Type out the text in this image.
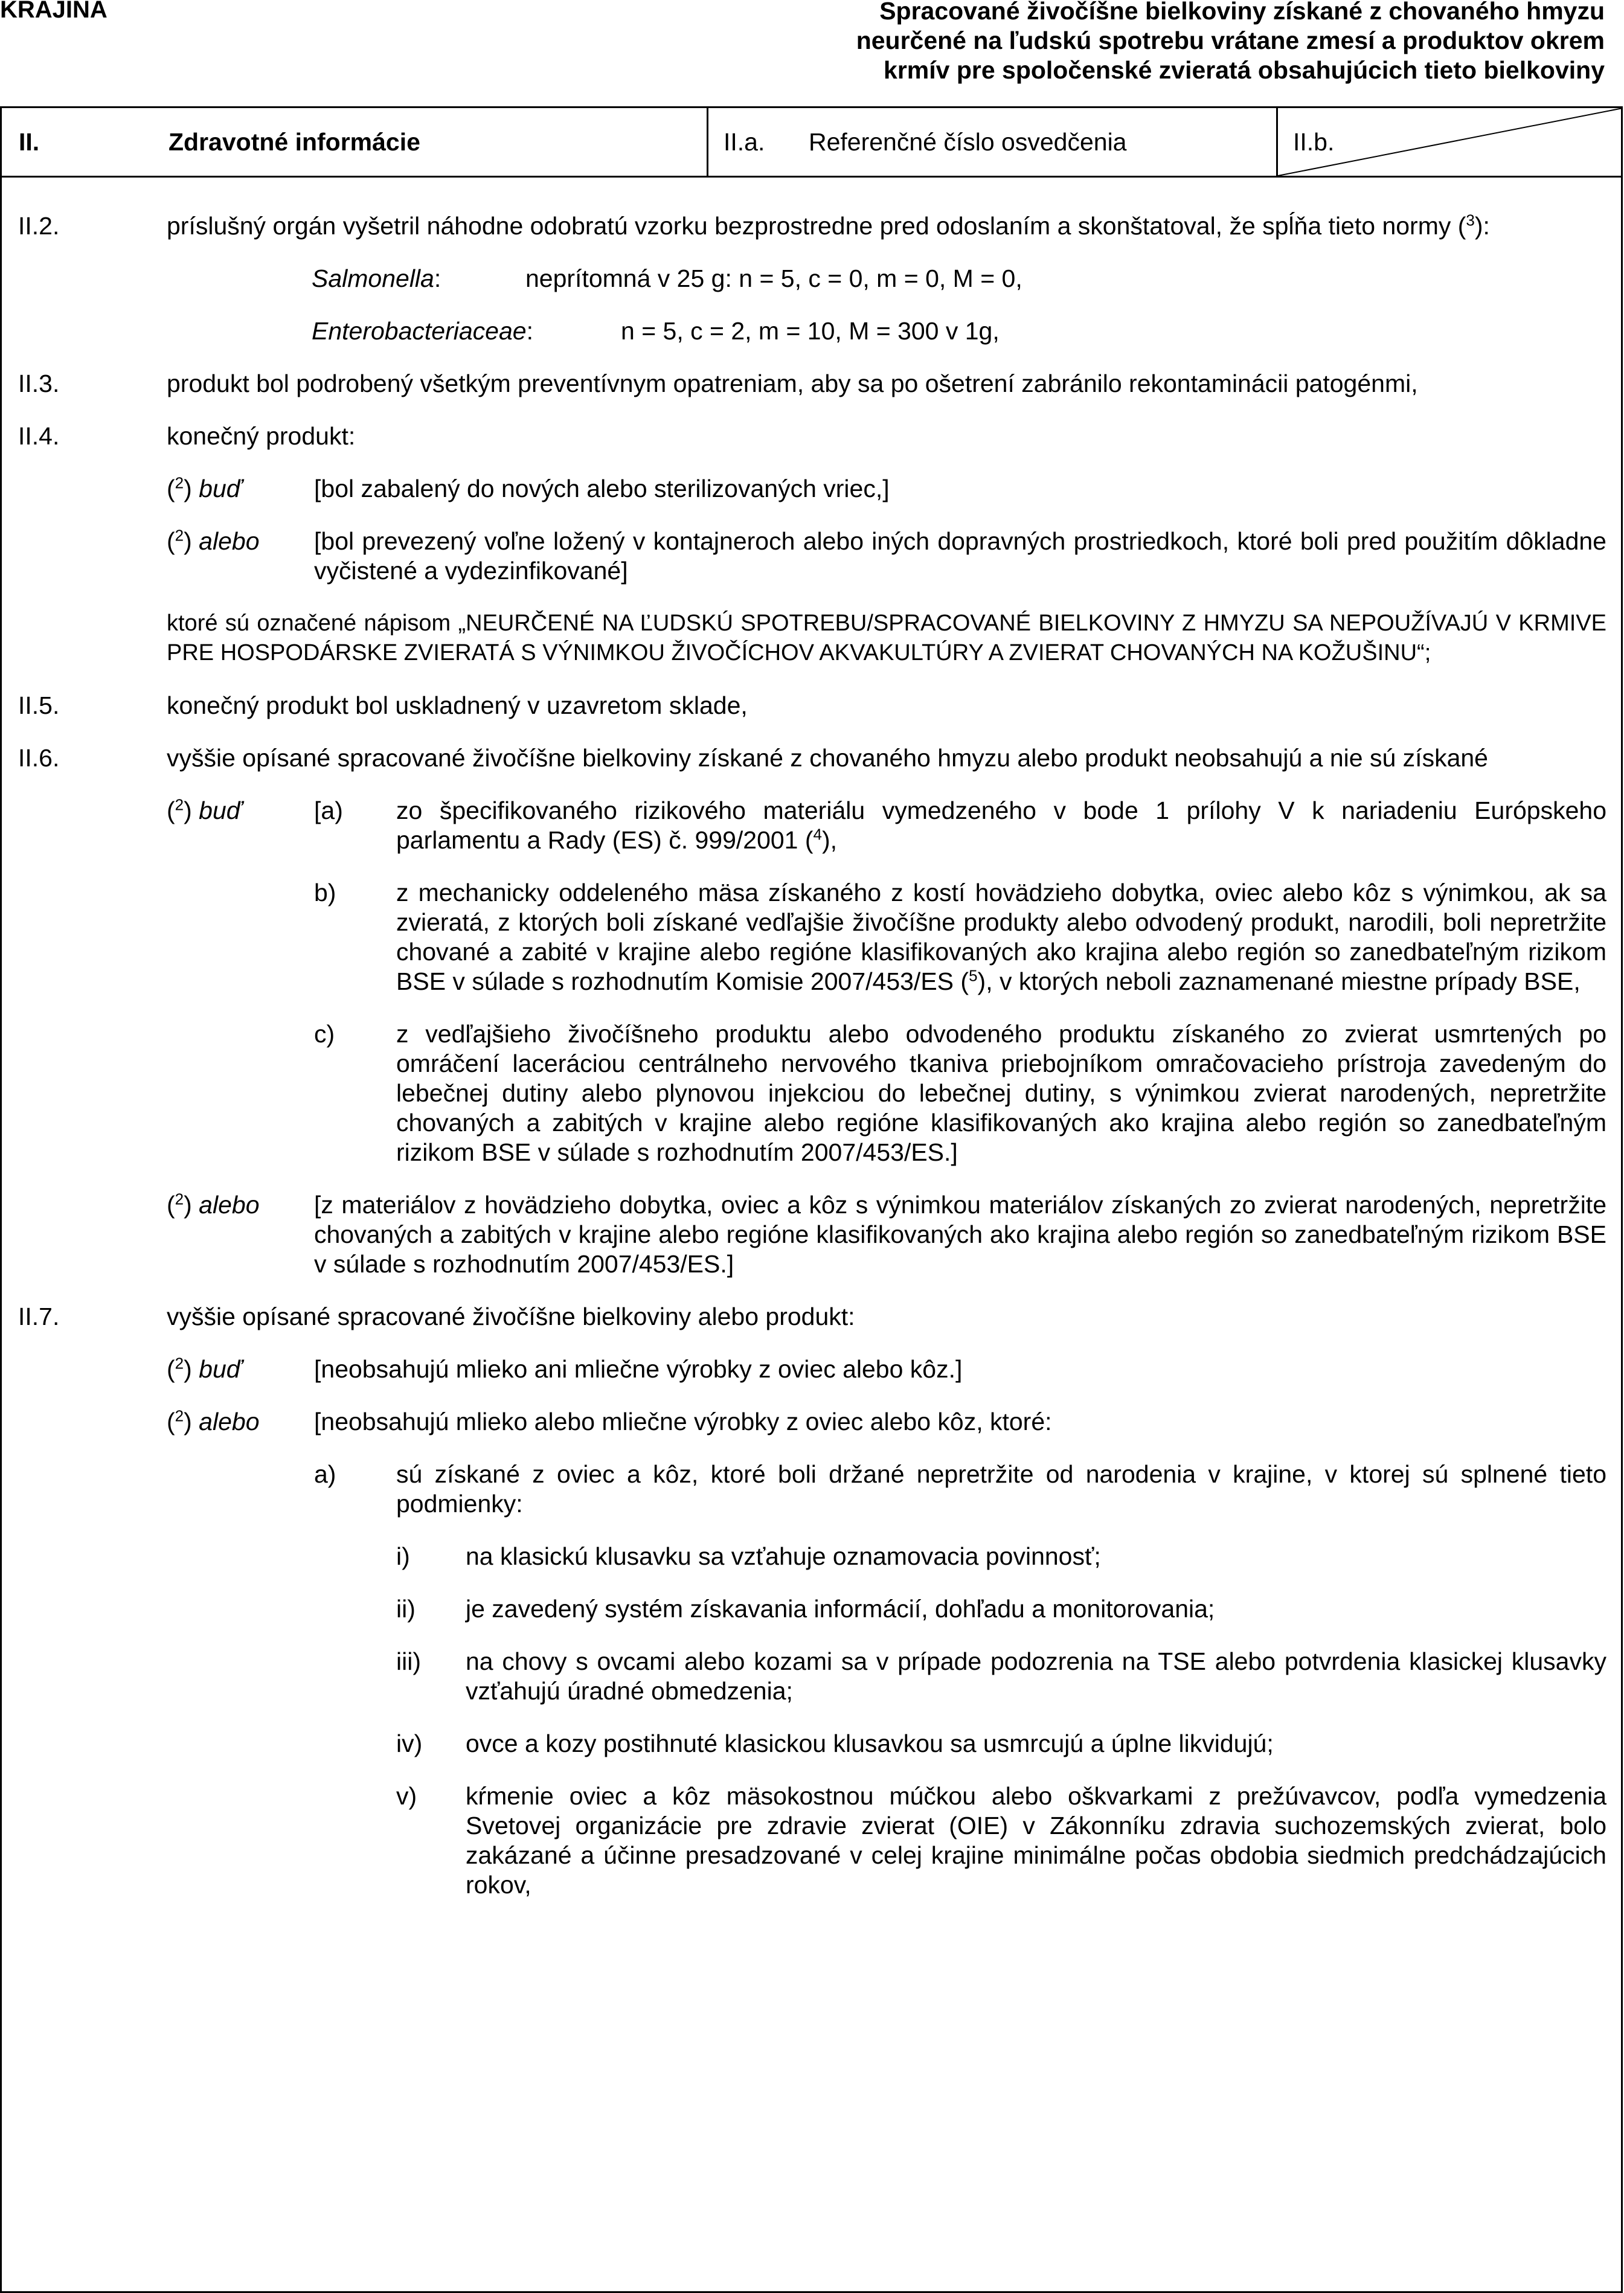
KRAJINA	Spracované živočíšne bielkoviny získané z chovaného hmyzu
neurčené na ľudskú spotrebu vrátane zmesí a produktov okrem
krmív pre spoločenské zvieratá obsahujúcich tieto bielkoviny
II.	Zdravotné informácie	II.a. Referenčné číslo osvedčenia	II.b.
II.2.	príslušný orgán vyšetril náhodne odobratú vzorku bezprostredne pred odoslaním a skonštatoval, že spĺňa tieto normy ($^3$):
Salmonella:	neprítomná v 25 g: n = 5, c = 0, m = 0, M = 0,
Enterobacteriaceae:	n = 5, c = 2, m = 10, M = 300 v 1g,
II.3.	produkt bol podrobený všetkým preventívnym opatreniam, aby sa po ošetrení zabránilo rekontaminácii patogénmi,
II.4.	konečný produkt:
($^2$) buď	[bol zabalený do nových alebo sterilizovaných vriec,]
($^2$) alebo	[bol prevezený voľne ložený v kontajneroch alebo iných dopravných prostriedkoch, ktoré boli pred použitím dôkladne vyčistené a vydezinfikované]
ktoré sú označené nápisom „NEURČENÉ NA ĽUDSKÚ SPOTREBU/SPRACOVANÉ BIELKOVINY Z HMYZU SA NEPOUŽÍVAJÚ V KRMIVE PRE HOSPODÁRSKE ZVIERATÁ S VÝNIMKOU ŽIVOČÍCHOV AKVAKULTÚRY A ZVIERAT CHOVANÝCH NA KOŽUŠINU“;
II.5.	konečný produkt bol uskladnený v uzavretom sklade,
II.6.	vyššie opísané spracované živočíšne bielkoviny získané z chovaného hmyzu alebo produkt neobsahujú a nie sú získané
($^2$) buď	[a)	zo špecifikovaného rizikového materiálu vymedzeného v bode 1 prílohy V k nariadeniu Európskeho parlamentu a Rady (ES) č. 999/2001 ($^4$),
b)	z mechanicky oddeleného mäsa získaného z kostí hovädzieho dobytka, oviec alebo kôz s výnimkou, ak sa zvieratá, z ktorých boli získané vedľajšie živočíšne produkty alebo odvodený produkt, narodili, boli nepretržite chované a zabité v krajine alebo regióne klasifikovaných ako krajina alebo región so zanedbateľným rizikom BSE v súlade s rozhodnutím Komisie 2007/453/ES ($^5$), v ktorých neboli zaznamenané miestne prípady BSE,
c)	z vedľajšieho živočíšneho produktu alebo odvodeného produktu získaného zo zvierat usmrtených po omráčení laceráciou centrálneho nervového tkaniva priebojníkom omračovacieho prístroja zavedeným do lebečnej dutiny alebo plynovou injekciou do lebečnej dutiny, s výnimkou zvierat narodených, nepretržite chovaných a zabitých v krajine alebo regióne klasifikovaných ako krajina alebo región so zanedbateľným rizikom BSE v súlade s rozhodnutím 2007/453/ES.]
($^2$) alebo	[z materiálov z hovädzieho dobytka, oviec a kôz s výnimkou materiálov získaných zo zvierat narodených, nepretržite chovaných a zabitých v krajine alebo regióne klasifikovaných ako krajina alebo región so zanedbateľným rizikom BSE v súlade s rozhodnutím 2007/453/ES.]
II.7.	vyššie opísané spracované živočíšne bielkoviny alebo produkt:
($^2$) buď	[neobsahujú mlieko ani mliečne výrobky z oviec alebo kôz.]
($^2$) alebo	[neobsahujú mlieko alebo mliečne výrobky z oviec alebo kôz, ktoré:
a)	sú získané z oviec a kôz, ktoré boli držané nepretržite od narodenia v krajine, v ktorej sú splnené tieto podmienky:
i)	na klasickú klusavku sa vzťahuje oznamovacia povinnosť;
ii)	je zavedený systém získavania informácií, dohľadu a monitorovania;
iii)	na chovy s ovcami alebo kozami sa v prípade podozrenia na TSE alebo potvrdenia klasickej klusavky vzťahujú úradné obmedzenia;
iv)	ovce a kozy postihnuté klasickou klusavkou sa usmrcujú a úplne likvidujú;
v)	kŕmenie oviec a kôz mäsokostnou múčkou alebo oškvarkami z prežúvavcov, podľa vymedzenia Svetovej organizácie pre zdravie zvierat (OIE) v Zákonníku zdravia suchozemských zvierat, bolo zakázané a účinne presadzované v celej krajine minimálne počas obdobia siedmich predchádzajúcich rokov,
